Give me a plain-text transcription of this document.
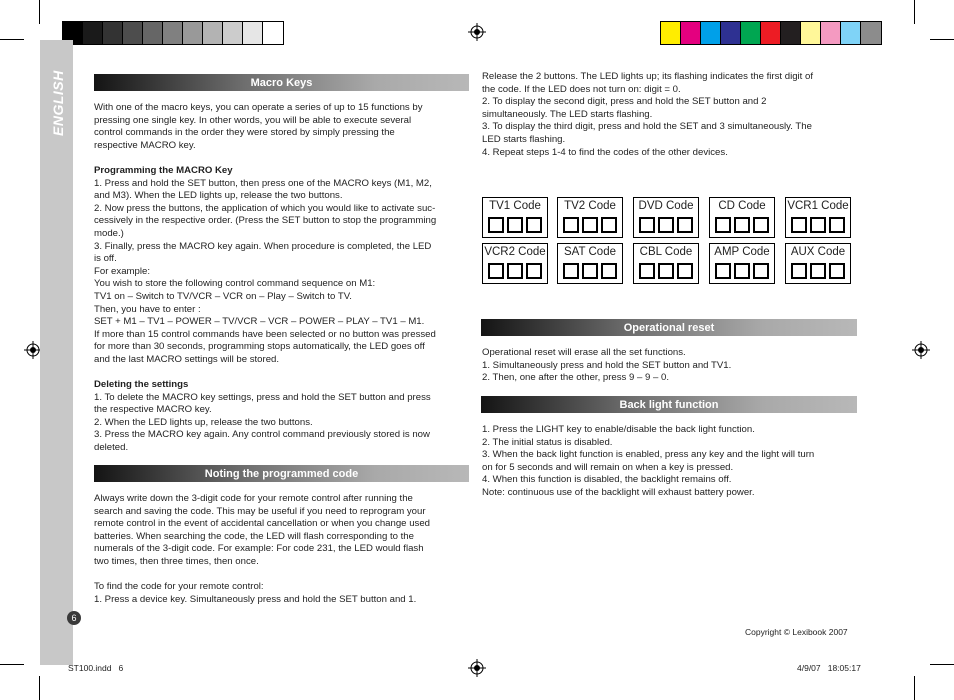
ENGLISH
6
Macro Keys

With one of the macro keys, you can operate a series of up to 15 functions by

pressing one single key. In other words, you will be able to execute several

control commands in the order they were stored by simply pressing the

respective MACRO key.

Programming the MACRO Key

1. Press and hold the SET button, then press one of the MACRO keys (M1, M2,

and M3). When the LED lights up, release the two buttons.

2. Now press the buttons, the application of which you would like to activate suc-

cessively in the respective order. (Press the SET button to stop the programming

mode.)

3. Finally, press the MACRO key again. When procedure is completed, the LED

is off.

For example:

You wish to store the following control command sequence on M1:

TV1 on – Switch to TV/VCR – VCR on – Play – Switch to TV.

Then, you have to enter :

SET + M1 – TV1 – POWER – TV/VCR – VCR – POWER – PLAY – TV1 – M1.

If more than 15 control commands have been selected or no button was pressed

for more than 30 seconds, programming stops automatically, the LED goes off

and the last MACRO settings will be stored.

Deleting the settings

1. To delete the MACRO key settings, press and hold the SET button and press

the respective MACRO key.

2. When the LED lights up, release the two buttons.

3. Press the MACRO key again. Any control command previously stored is now

deleted.

Noting the programmed code

Always write down the 3-digit code for your remote control after running the

search and saving the code. This may be useful if you need to reprogram your

remote control in the event of accidental cancellation or when you change used

batteries. When searching the code, the LED will flash corresponding to the

numerals of the 3-digit code. For example: For code 231, the LED would flash

two times, then three times, then once.

To find the code for your remote control:

1. Press a device key. Simultaneously press and hold the SET button and 1.

Release the 2 buttons. The LED lights up; its flashing indicates the first digit of

the code. If the LED does not turn on: digit = 0.

2. To display the second digit, press and hold the SET button and 2

simultaneously. The LED starts flashing.

3. To display the third digit, press and hold the SET and 3 simultaneously. The

LED starts flashing.

4. Repeat steps 1-4 to find the codes of the other devices.

TV1 Code	TV2 Code	DVD Code	CD Code	VCR1 Code
VCR2 Code	SAT Code	CBL Code	AMP Code	AUX Code
Operational reset

Operational reset will erase all the set functions.

1. Simultaneously press and hold the SET button and TV1.

2. Then, one after the other, press 9 – 9 – 0.

Back light function

1. Press the LIGHT key to enable/disable the back light function.

2. The initial status is disabled.

3. When the back light function is enabled, press any key and the light will turn

on for 5 seconds and will remain on when a key is pressed.

4. When this function is disabled, the backlight remains off.

Note: continuous use of the backlight will exhaust battery power.

Copyright © Lexibook 2007
ST100.indd   6	4/9/07   18:05:17
